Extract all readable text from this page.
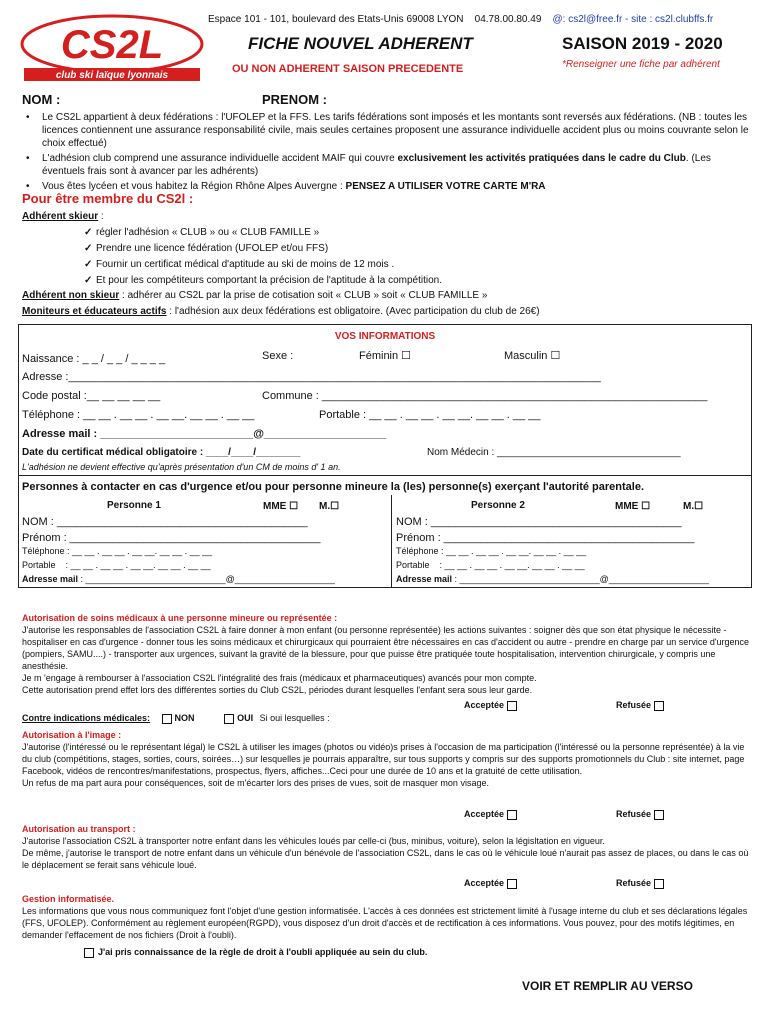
CS2L
club ski laïque lyonnais
Espace 101 - 101, boulevard des Etats-Unis 69008 LYON 04.78.00.80.49 @: cs2l@free.fr - site : cs2l.clubffs.fr
FICHE NOUVEL ADHERENT	SAISON 2019 - 2020
OU NON ADHERENT SAISON PRECEDENTE	*Renseigner une fiche par adhérent
NOM :	PRENOM :
• Le CS2L appartient à deux fédérations : l'UFOLEP et la FFS. Les tarifs fédérations sont imposés et les montants sont reversés aux fédérations. (NB : toutes les licences contiennent une assurance responsabilité civile, mais seules certaines proposent une assurance individuelle accident plus ou moins couvrante selon le choix effectué)
• L'adhésion club comprend une assurance individuelle accident MAIF qui couvre exclusivement les activités pratiquées dans le cadre du Club. (Les éventuels frais sont à avancer par les adhérents)
• Vous êtes lycéen et vous habitez la Région Rhône Alpes Auvergne : PENSEZ A UTILISER VOTRE CARTE M'RA
Pour être membre du CS2l :
Adhérent skieur :
✓ régler l'adhésion « CLUB » ou « CLUB FAMILLE »
✓ Prendre une licence fédération (UFOLEP et/ou FFS)
✓ Fournir un certificat médical d'aptitude au ski de moins de 12 mois .
✓ Et pour les compétiteurs comportant la précision de l'aptitude à la compétition.
Adhérent non skieur : adhérer au CS2L par la prise de cotisation soit « CLUB » soit « CLUB FAMILLE »
Moniteurs et éducateurs actifs : l'adhésion aux deux fédérations est obligatoire. (Avec participation du club de 26€)
VOS INFORMATIONS
Naissance : _ _ / _ _ / _ _ _ _	Sexe :	Féminin ☐	Masculin ☐
Adresse :_______________________________________________________________________________________
Code postal :__ __ __ __ __	Commune : _______________________________________________________________
Téléphone : __ __ . __ __ . __ __. __ __ . __ __	Portable : __ __ . __ __ . __ __. __ __ . __ __
Adresse mail : _________________________@____________________
Date du certificat médical obligatoire : ____/____/________	Nom Médecin : _________________________________
L'adhésion ne devient effective qu'après présentation d'un CM de moins d' 1 an.
Personnes à contacter en cas d'urgence et/ou pour personne mineure la (les) personne(s) exerçant l'autorité parentale.
Personne 1	MME ☐ M.☐
NOM : _________________________________________
Prénom : _________________________________________
Téléphone : __ __ . __ __ . __ __. __ __ . __ __
Portable    : __ __ . __ __ . __ __. __ __ . __ __
Adresse mail : ____________________________@____________________
Personne 2	MME ☐	M.☐
NOM : _________________________________________
Prénom : _________________________________________
Téléphone : __ __ . __ __ . __ __. __ __ . __ __
Portable    : __ __ . __ __ . __ __. __ __ . __ __
Adresse mail : ____________________________@____________________
Autorisation de soins médicaux à une personne mineure ou représentée :
J'autorise les responsables de l'association CS2L à faire donner à mon enfant (ou personne représentée) les actions suivantes : soigner dès que son état physique le nécessite - hospitaliser en cas d'urgence - donner tous les soins médicaux et chirurgicaux qui pourraient être nécessaires en cas d'accident ou autre - prendre en charge par un service d'urgence (pompiers, SAMU....) - transporter aux urgences, suivant la gravité de la blessure, pour que puisse être pratiquée toute hospitalisation, intervention chirurgicale, y compris une anesthésie.
Je m 'engage à rembourser à l'association CS2L l'intégralité des frais (médicaux et pharmaceutiques) avancés pour mon compte.
Cette autorisation prend effet lors des différentes sorties du Club CS2L, périodes durant lesquelles l'enfant sera sous leur garde.
Acceptée	Refusée
Contre indications médicales:	NON	OUI Si oui lesquelles :
Autorisation à l'image :
J'autorise (l'intéressé ou le représentant légal) le CS2L à utiliser les images (photos ou vidéo)s prises à l'occasion de ma participation (l'intéressé ou la personne représentée) à la vie du club (compétitions, stages, sorties, cours, soirées…) sur lesquelles je pourrais apparaître, sur tous supports y compris sur des supports promotionnels du Club : site internet, page Facebook, vidéos de rencontres/manifestations, prospectus, flyers, affiches...Ceci pour une durée de 10 ans et la gratuité de cette utilisation.
Un refus de ma part aura pour conséquences, soit de m'écarter lors des prises de vues, soit de masquer mon visage.
Acceptée	Refusée
Autorisation au transport :
J'autorise l'association CS2L à transporter notre enfant dans les véhicules loués par celle-ci (bus, minibus, voiture), selon la législtation en vigueur.
De même, j'autorise le transport de notre enfant dans un véhicule d'un bénévole de l'association CS2L, dans le cas où le véhicule loué n'aurait pas assez de places, ou dans le cas où le déplacement se ferait sans véhicule loué.
Acceptée	Refusée
Gestion informatisée.
Les informations que vous nous communiquez font l'objet d'une gestion informatisée. L'accès à ces données est strictement limité à l'usage interne du club et ses déclarations légales (FFS, UFOLEP). Conformément au règlement européen(RGPD), vous disposez d'un droit d'accès et de rectification à ces informations. Vous pouvez, pour des motifs légitimes, en demander l'effacement de nos fichiers (Droit à l'oubli).
J'ai pris connaissance de la règle de droit à l'oubli appliquée au sein du club.
VOIR ET REMPLIR AU VERSO
